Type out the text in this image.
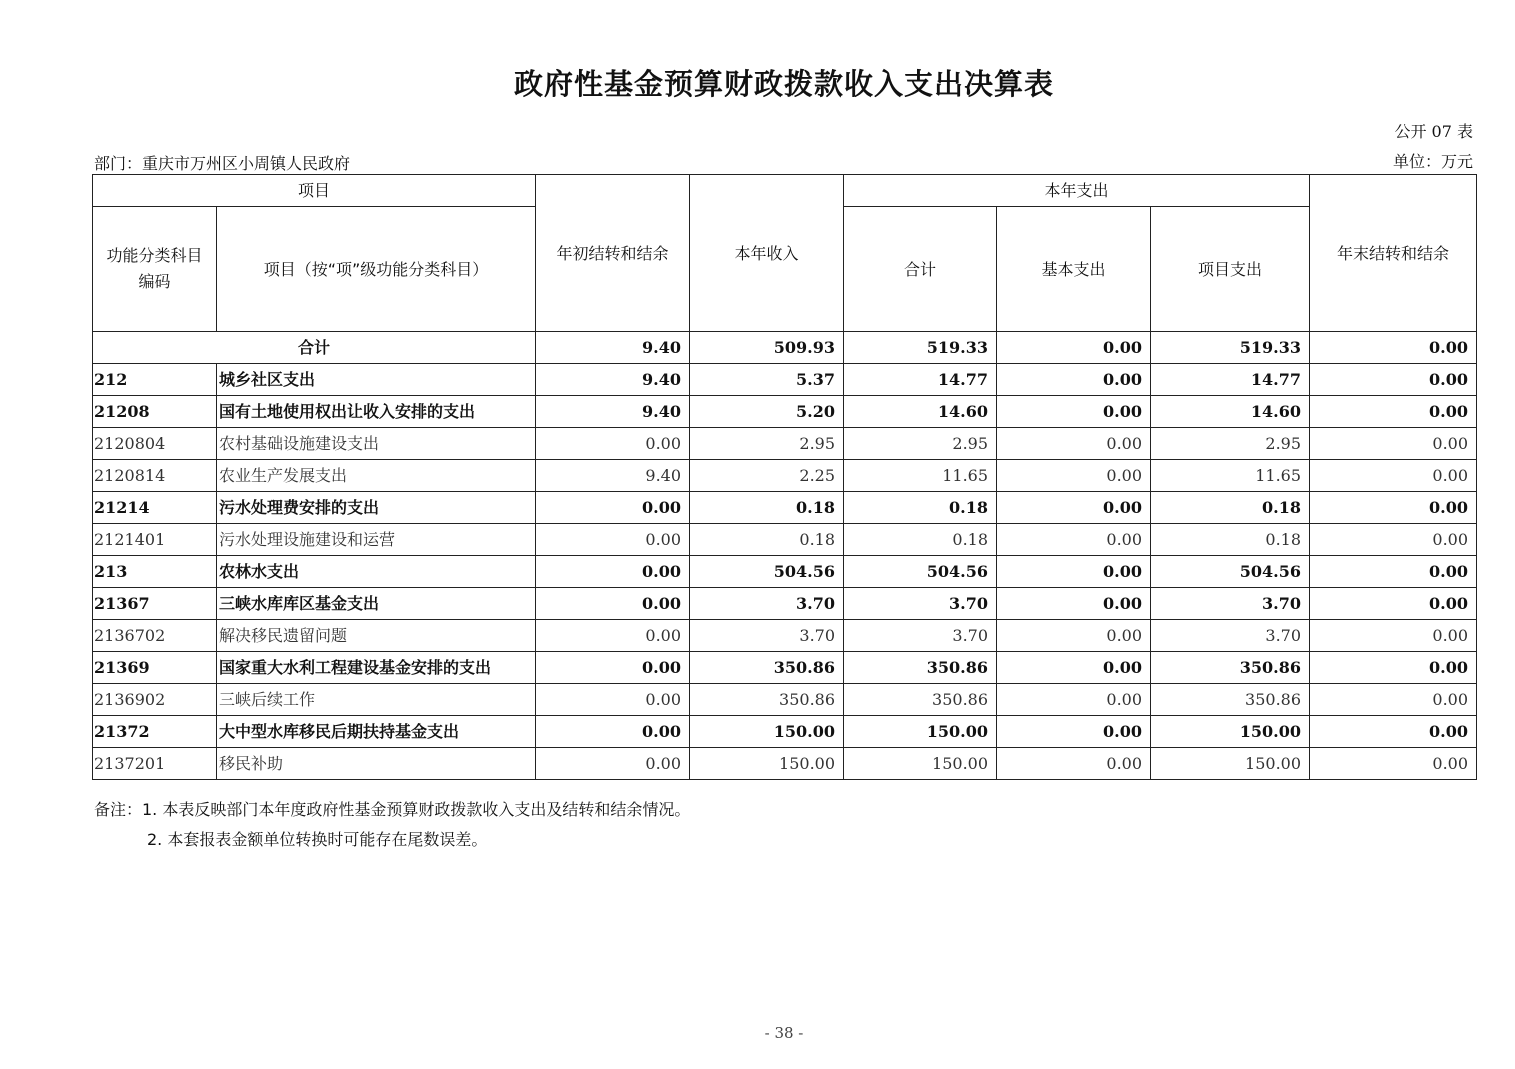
政府性基金预算财政拨款收入支出决算表
公开 07 表
部门：重庆市万州区小周镇人民政府	单位：万元
项目		年初结转和结余	本年收入	本年支出			年末结转和结余
功能分类科目编码	项目（按“项”级功能分类科目）			合计	基本支出	项目支出	
合计		9.40	509.93	519.33	0.00	519.33	0.00
212	城乡社区支出	9.40	5.37	14.77	0.00	14.77	0.00
21208	国有土地使用权出让收入安排的支出	9.40	5.20	14.60	0.00	14.60	0.00
2120804	农村基础设施建设支出	0.00	2.95	2.95	0.00	2.95	0.00
2120814	农业生产发展支出	9.40	2.25	11.65	0.00	11.65	0.00
21214	污水处理费安排的支出	0.00	0.18	0.18	0.00	0.18	0.00
2121401	污水处理设施建设和运营	0.00	0.18	0.18	0.00	0.18	0.00
213	农林水支出	0.00	504.56	504.56	0.00	504.56	0.00
21367	三峡水库库区基金支出	0.00	3.70	3.70	0.00	3.70	0.00
2136702	解决移民遗留问题	0.00	3.70	3.70	0.00	3.70	0.00
21369	国家重大水利工程建设基金安排的支出	0.00	350.86	350.86	0.00	350.86	0.00
2136902	三峡后续工作	0.00	350.86	350.86	0.00	350.86	0.00
21372	大中型水库移民后期扶持基金支出	0.00	150.00	150.00	0.00	150.00	0.00
2137201	移民补助	0.00	150.00	150.00	0.00	150.00	0.00
备注：1. 本表反映部门本年度政府性基金预算财政拨款收入支出及结转和结余情况。
2. 本套报表金额单位转换时可能存在尾数误差。
- 38 -
